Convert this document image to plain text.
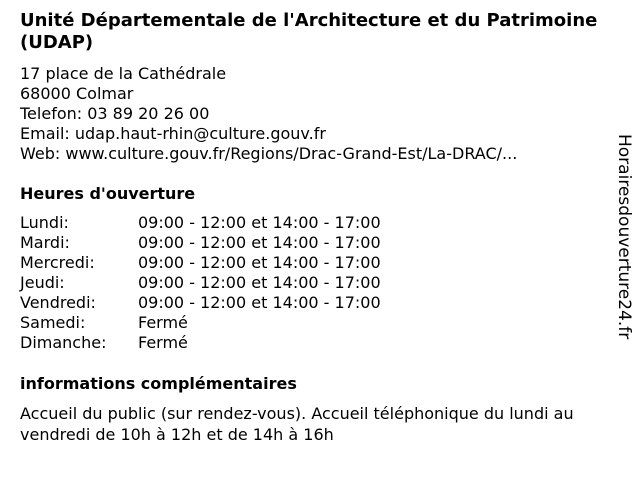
Unité Départementale de l'Architecture et du Patrimoine (UDAP)
17 place de la Cathédrale
68000 Colmar
Telefon: 03 89 20 26 00
Email: udap.haut-rhin@culture.gouv.fr
Web: www.culture.gouv.fr/Regions/Drac-Grand-Est/La-DRAC/...
Heures d'ouverture
Lundi:	09:00 - 12:00 et 14:00 - 17:00
Mardi:	09:00 - 12:00 et 14:00 - 17:00
Mercredi:	09:00 - 12:00 et 14:00 - 17:00
Jeudi:	09:00 - 12:00 et 14:00 - 17:00
Vendredi:	09:00 - 12:00 et 14:00 - 17:00
Samedi:	Fermé
Dimanche: Fermé
informations complémentaires
Accueil du public (sur rendez-vous). Accueil téléphonique du lundi au vendredi de 10h à 12h et de 14h à 16h
Horairesdouverture24.fr
